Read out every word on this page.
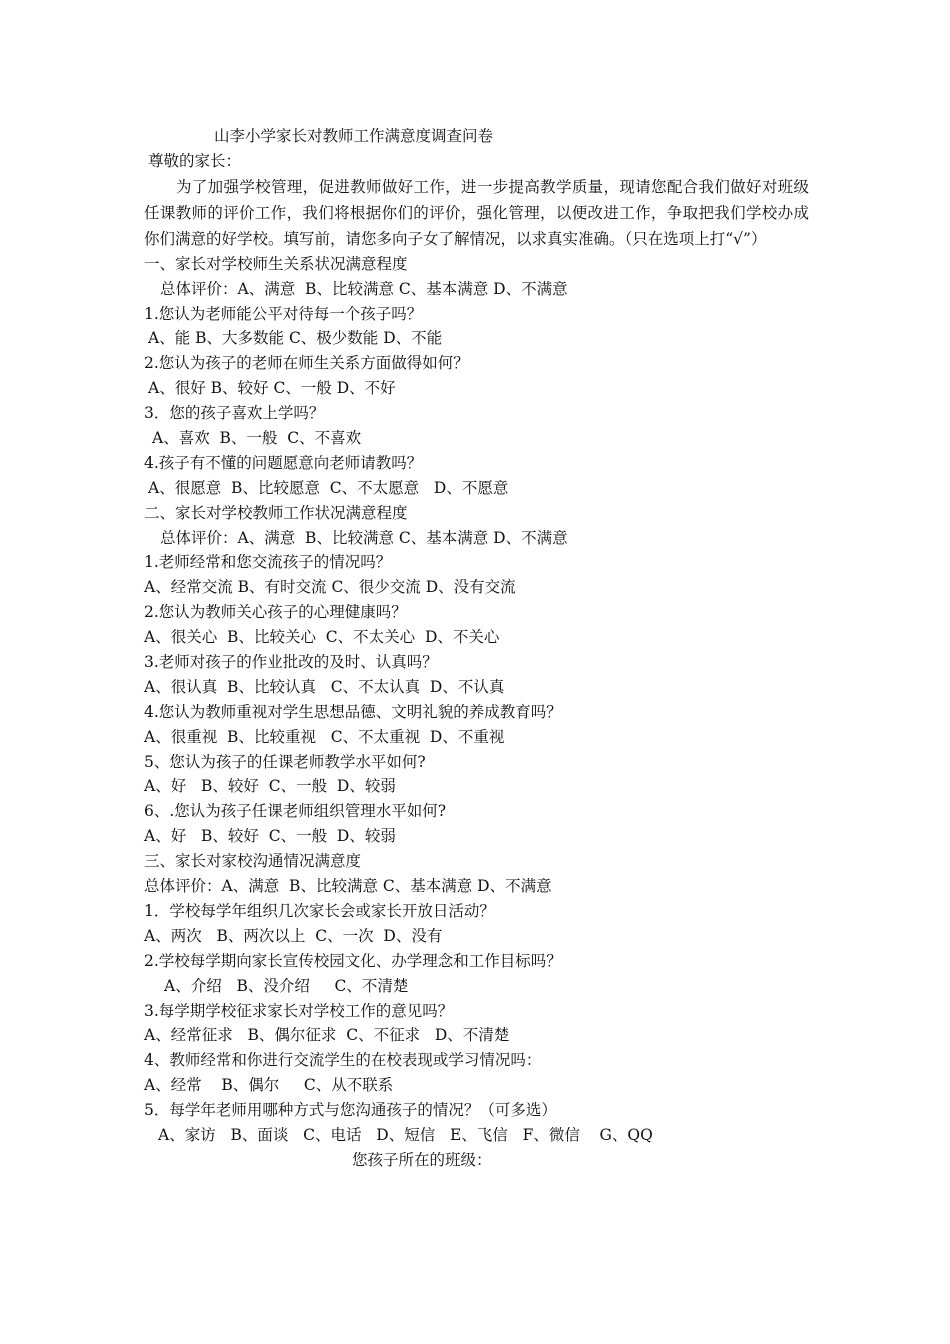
山李小学家长对教师工作满意度调查问卷
尊敬的家长：

为了加强学校管理，促进教师做好工作，进一步提高教学质量，现请您配合我们做好对班级任课教师的评价工作，我们将根据你们的评价，强化管理，以便改进工作，争取把我们学校办成你们满意的好学校。填写前，请您多向子女了解情况，以求真实准确。（只在选项上打“√”）

一、家长对学校师生关系状况满意程度
总体评价：A、满意  B、比较满意 C、基本满意 D、不满意
1.您认为老师能公平对待每一个孩子吗？
A、能 B、大多数能 C、极少数能 D、不能
2.您认为孩子的老师在师生关系方面做得如何？
A、很好 B、较好 C、一般 D、不好
3．您的孩子喜欢上学吗？
A、喜欢  B、一般  C、不喜欢
4.孩子有不懂的问题愿意向老师请教吗？
A、很愿意  B、比较愿意  C、不太愿意   D、不愿意
二、家长对学校教师工作状况满意程度
总体评价：A、满意  B、比较满意 C、基本满意 D、不满意
1.老师经常和您交流孩子的情况吗？
A、经常交流 B、有时交流 C、很少交流 D、没有交流
2.您认为教师关心孩子的心理健康吗？
A、很关心  B、比较关心  C、不太关心  D、不关心
3.老师对孩子的作业批改的及时、认真吗？
A、很认真  B、比较认真   C、不太认真  D、不认真
4.您认为教师重视对学生思想品德、文明礼貌的养成教育吗？
A、很重视  B、比较重视   C、不太重视  D、不重视
5、您认为孩子的任课老师教学水平如何?
A、好   B、较好  C、一般  D、较弱
6、.您认为孩子任课老师组织管理水平如何?
A、好   B、较好  C、一般  D、较弱
三、家长对家校沟通情况满意度
总体评价：A、满意  B、比较满意 C、基本满意 D、不满意
1．学校每学年组织几次家长会或家长开放日活动？
A、两次   B、两次以上  C、一次  D、没有
2.学校每学期向家长宣传校园文化、办学理念和工作目标吗？
A、介绍   B、没介绍     C、不清楚
3.每学期学校征求家长对学校工作的意见吗？
A、经常征求   B、偶尔征求  C、不征求   D、不清楚
4、教师经常和你进行交流学生的在校表现或学习情况吗：
A、经常    B、偶尔     C、从不联系
5．每学年老师用哪种方式与您沟通孩子的情况？（可多选）
A、家访   B、面谈   C、电话   D、短信   E、飞信   F、微信    G、QQ
您孩子所在的班级：
